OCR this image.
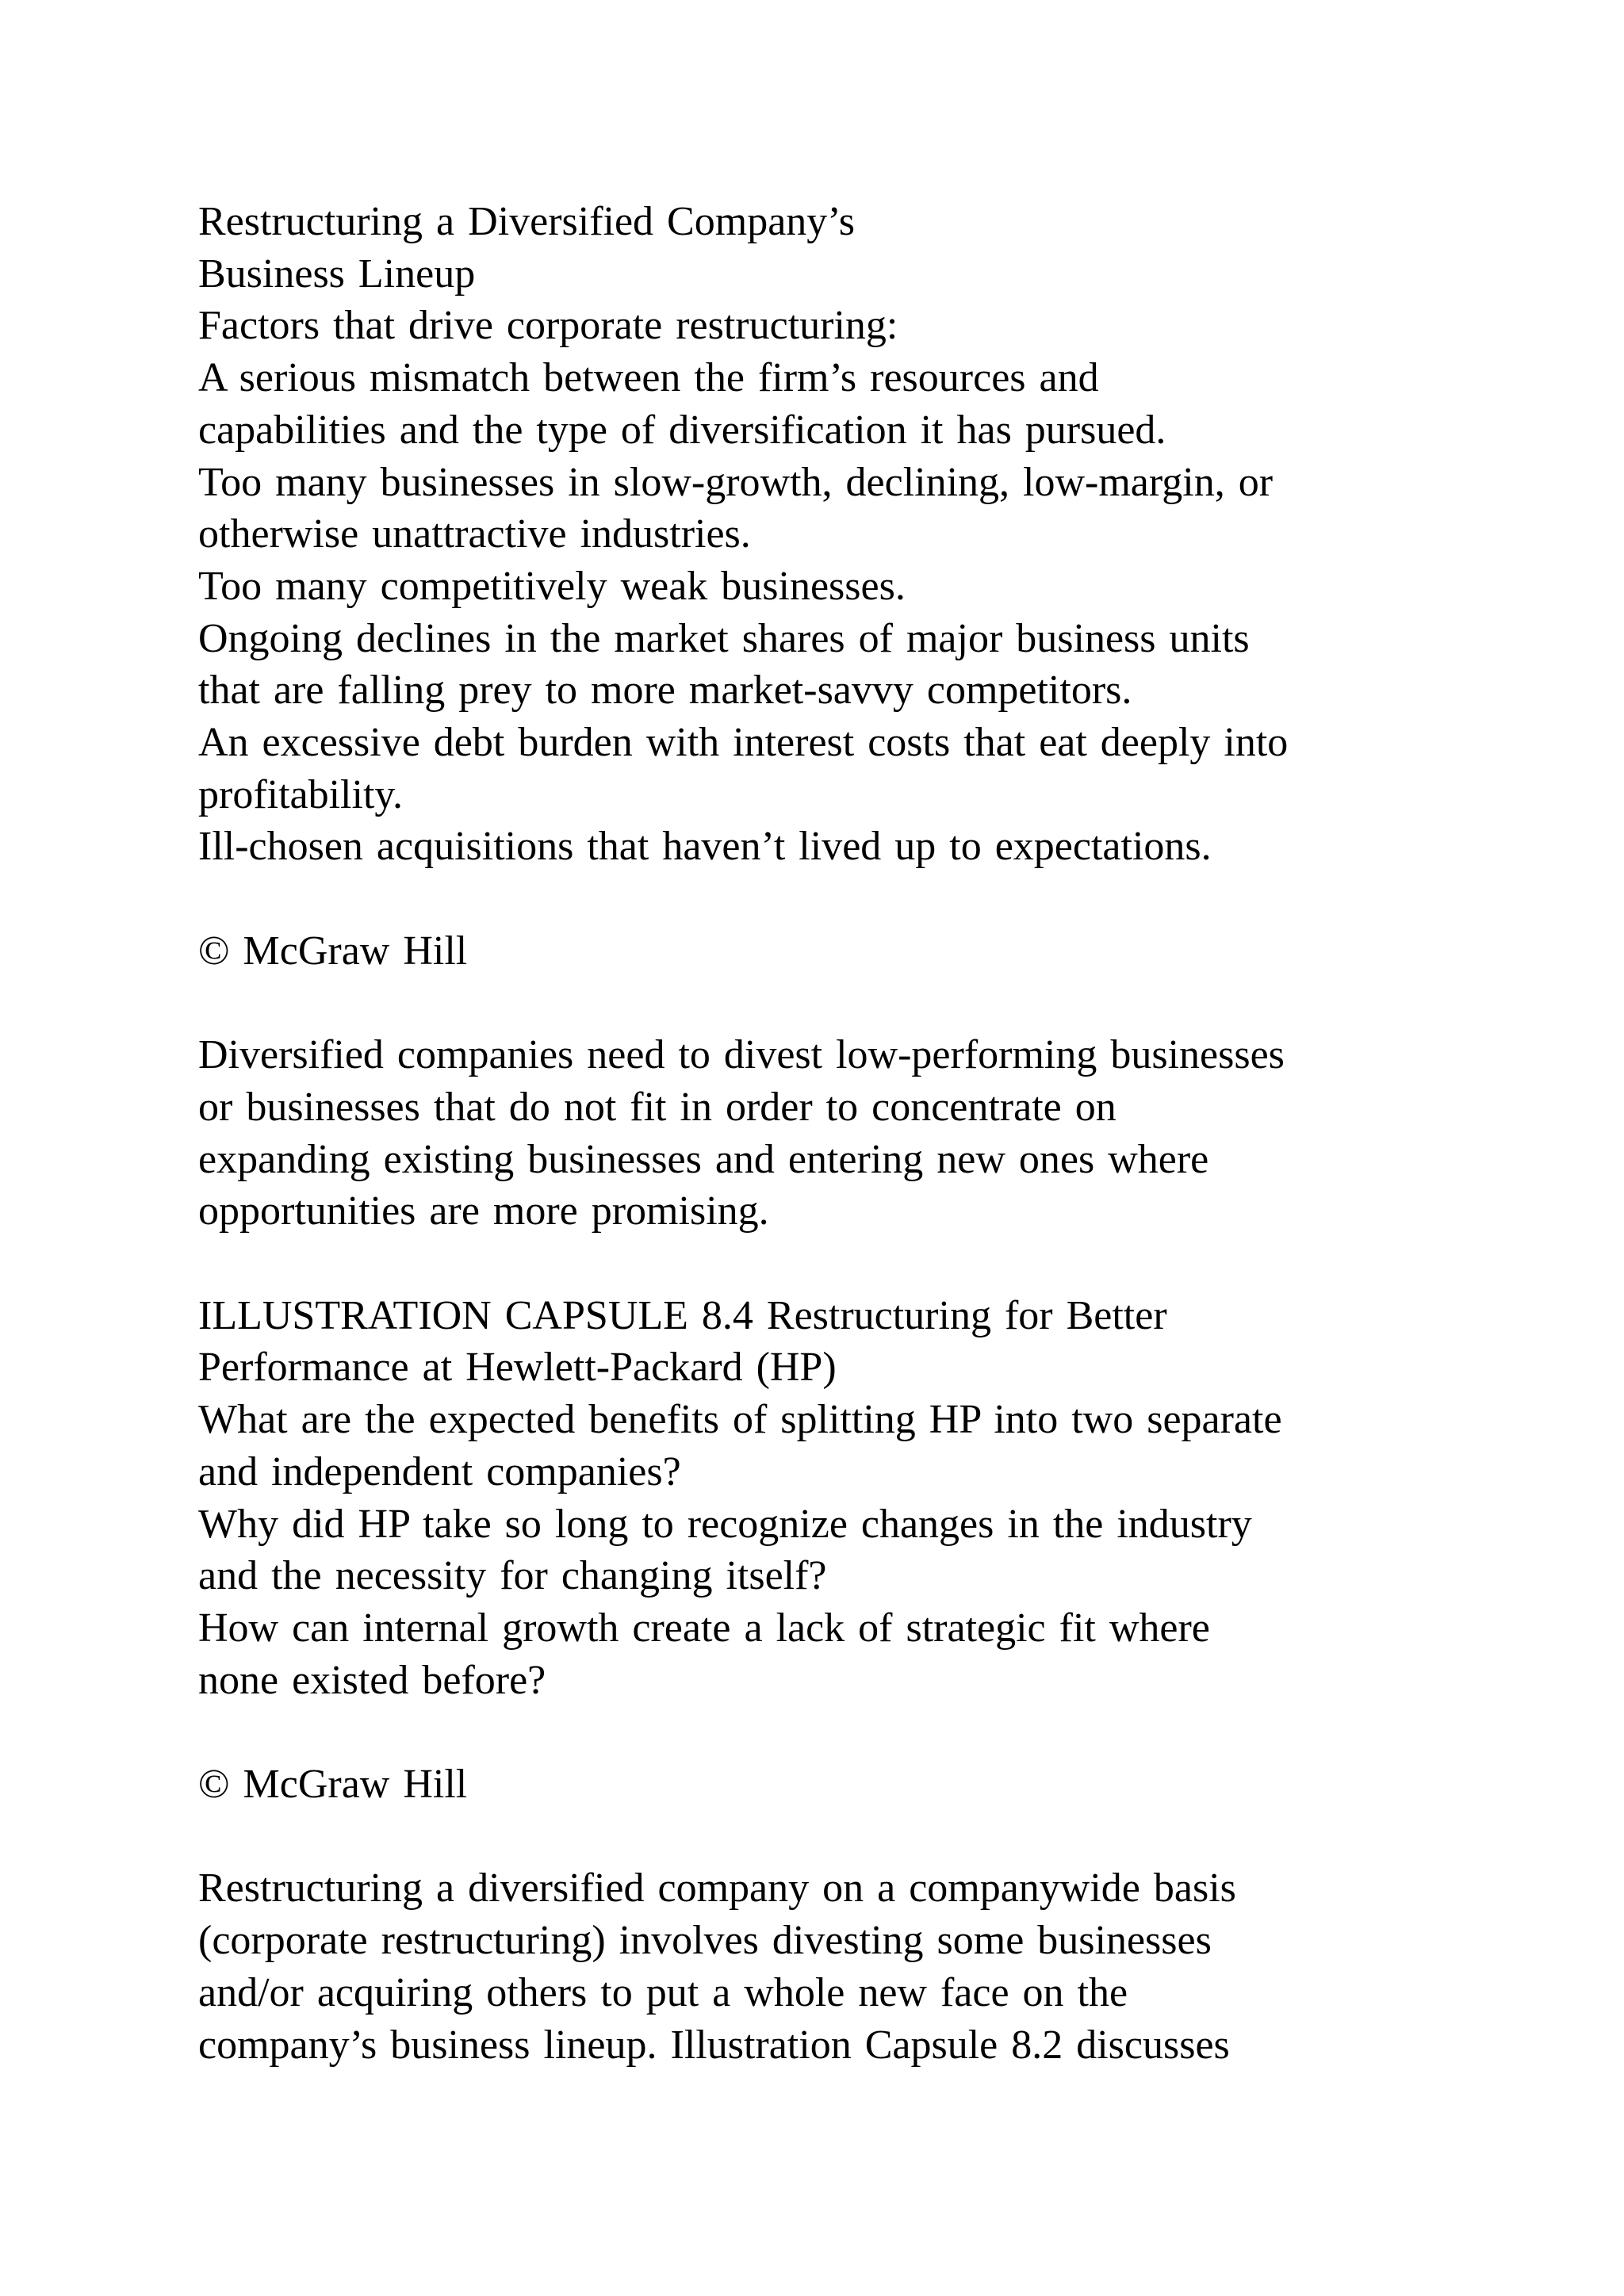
Restructuring a Diversified Company’s

Business Lineup

Factors that drive corporate restructuring:

A serious mismatch between the firm’s resources and

capabilities and the type of diversification it has pursued.

Too many businesses in slow-growth, declining, low-margin, or

otherwise unattractive industries.

Too many competitively weak businesses.

Ongoing declines in the market shares of major business units

that are falling prey to more market-savvy competitors.

An excessive debt burden with interest costs that eat deeply into

profitability.

Ill-chosen acquisitions that haven’t lived up to expectations.

© McGraw Hill

Diversified companies need to divest low-performing businesses

or businesses that do not fit in order to concentrate on

expanding existing businesses and entering new ones where

opportunities are more promising.

ILLUSTRATION CAPSULE 8.4 Restructuring for Better

Performance at Hewlett-Packard (HP)

What are the expected benefits of splitting HP into two separate

and independent companies?

Why did HP take so long to recognize changes in the industry

and the necessity for changing itself?

How can internal growth create a lack of strategic fit where

none existed before?

© McGraw Hill

Restructuring a diversified company on a companywide basis

(corporate restructuring) involves divesting some businesses

and/or acquiring others to put a whole new face on the

company’s business lineup. Illustration Capsule 8.2 discusses
